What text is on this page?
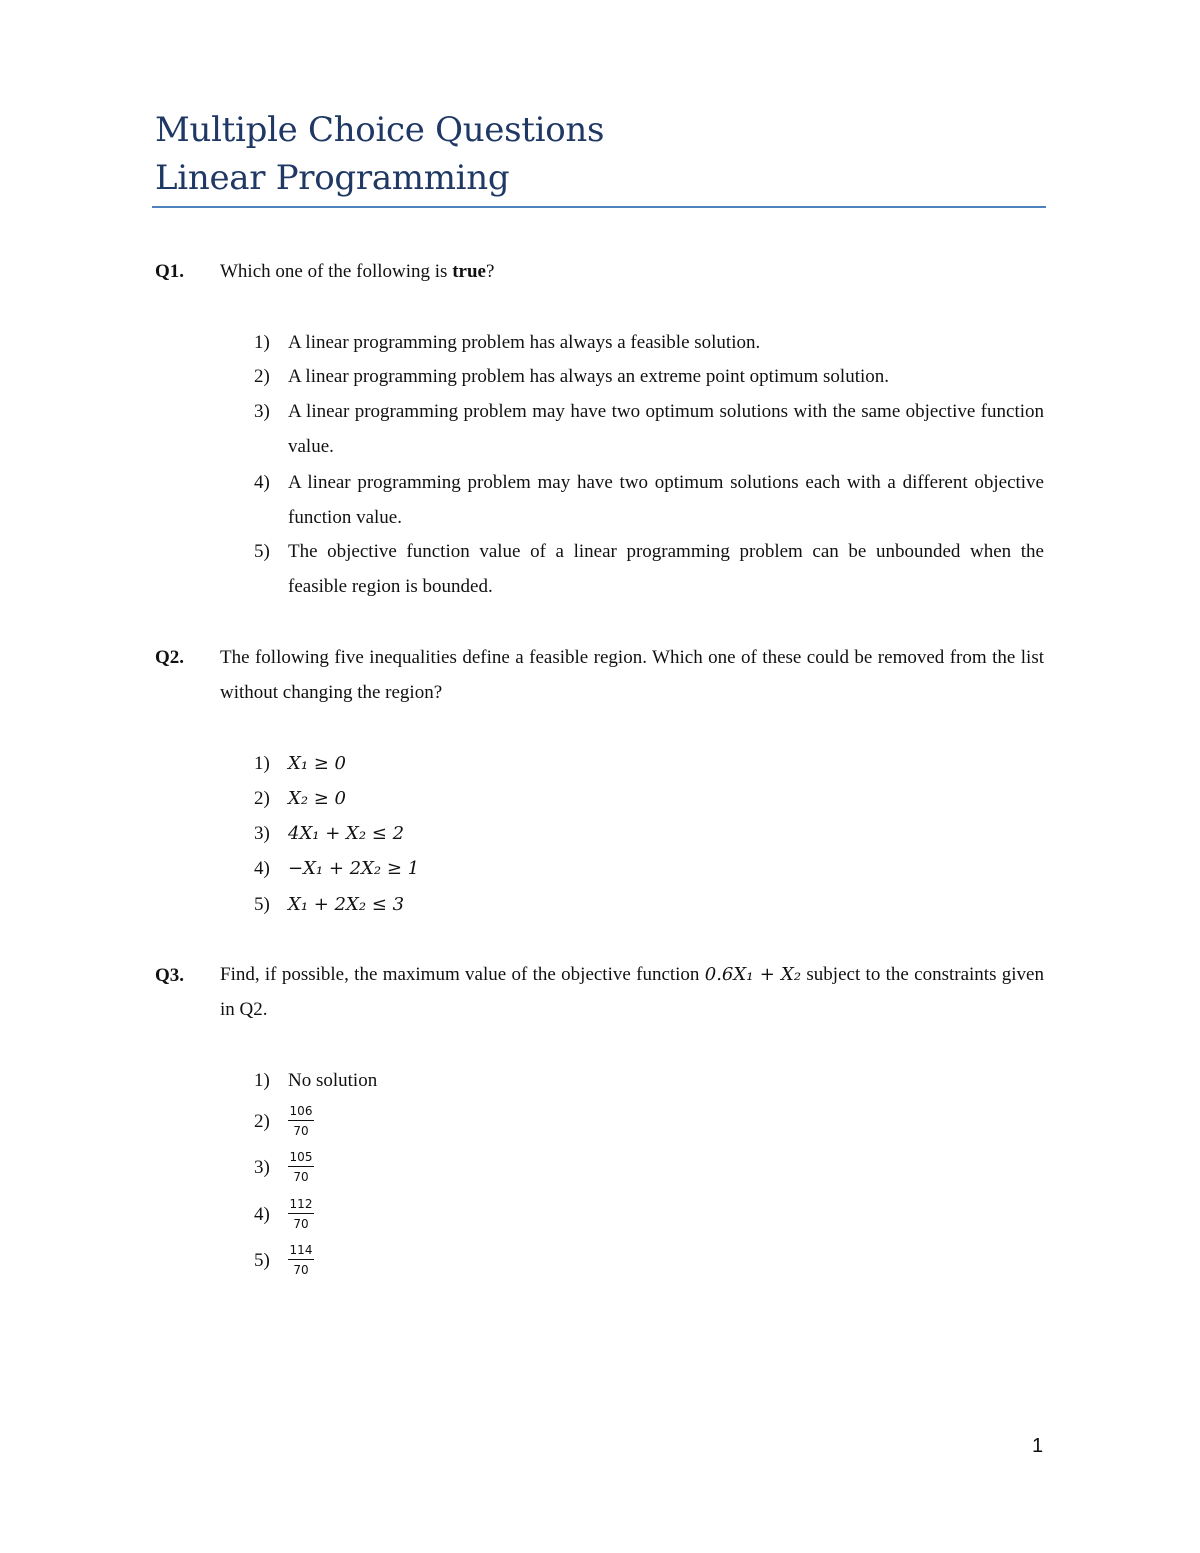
Multiple Choice Questions
Linear Programming
Q1. Which one of the following is true?
1) A linear programming problem has always a feasible solution.
2) A linear programming problem has always an extreme point optimum solution.
3) A linear programming problem may have two optimum solutions with the same objective function value.
4) A linear programming problem may have two optimum solutions each with a different objective function value.
5) The objective function value of a linear programming problem can be unbounded when the feasible region is bounded.
Q2. The following five inequalities define a feasible region. Which one of these could be removed from the list without changing the region?
1) X₁ ≥ 0
2) X₂ ≥ 0
3) 4X₁ + X₂ ≤ 2
4) −X₁ + 2X₂ ≥ 1
5) X₁ + 2X₂ ≤ 3
Q3. Find, if possible, the maximum value of the objective function 0.6X₁ + X₂ subject to the constraints given in Q2.
1) No solution
2) 106
70
3) 105
70
4) 112
70
5) 114
70
1
